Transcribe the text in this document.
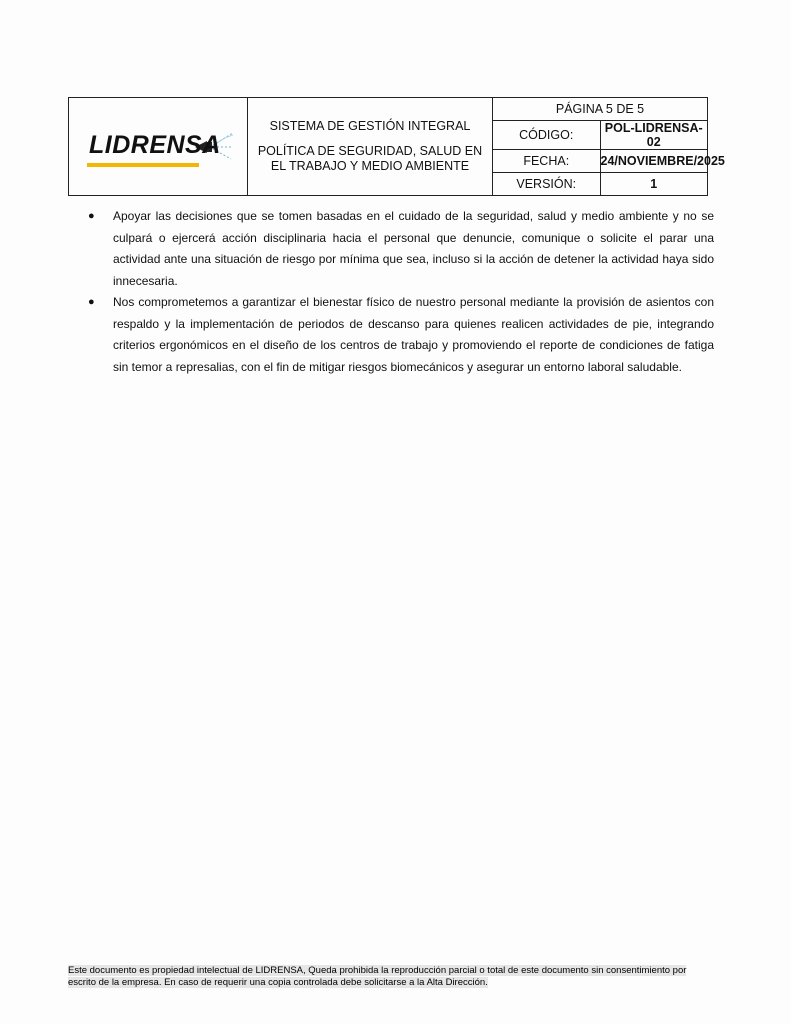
LIDRENSA	SISTEMA DE GESTIÓN INTEGRAL
POLÍTICA DE SEGURIDAD, SALUD EN
EL TRABAJO Y MEDIO AMBIENTE	PÁGINA 5 DE 5	
		CÓDIGO:	POL-LIDRENSA-02
		FECHA:	24/NOVIEMBRE/2025
		VERSIÓN:	1
● Apoyar las decisiones que se tomen basadas en el cuidado de la seguridad, salud y medio ambiente y no se culpará o ejercerá acción disciplinaria hacia el personal que denuncie, comunique o solicite el parar una actividad ante una situación de riesgo por mínima que sea, incluso si la acción de detener la actividad haya sido innecesaria.
● Nos comprometemos a garantizar el bienestar físico de nuestro personal mediante la provisión de asientos con respaldo y la implementación de periodos de descanso para quienes realicen actividades de pie, integrando criterios ergonómicos en el diseño de los centros de trabajo y promoviendo el reporte de condiciones de fatiga sin temor a represalias, con el fin de mitigar riesgos biomecánicos y asegurar un entorno laboral saludable.
Este documento es propiedad intelectual de LIDRENSA, Queda prohibida la reproducción parcial o total de este documento sin consentimiento por
escrito de la empresa. En caso de requerir una copia controlada debe solicitarse a la Alta Dirección.
